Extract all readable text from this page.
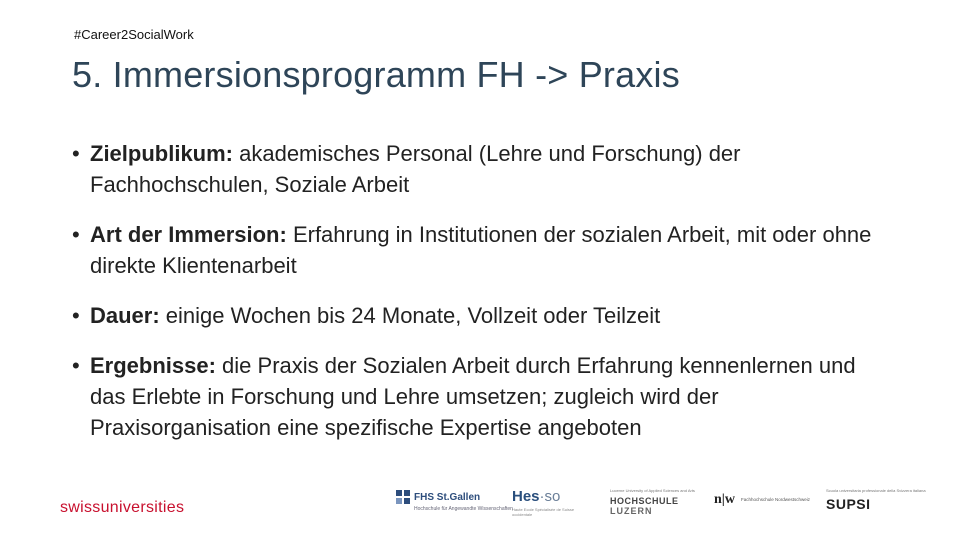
#Career2SocialWork
5. Immersionsprogramm FH -> Praxis
• Zielpublikum: akademisches Personal (Lehre und Forschung) der Fachhochschulen, Soziale Arbeit
• Art der Immersion: Erfahrung in Institutionen der sozialen Arbeit, mit oder ohne direkte Klientenarbeit
• Dauer: einige Wochen bis 24 Monate, Vollzeit oder Teilzeit
• Ergebnisse: die Praxis der Sozialen Arbeit durch Erfahrung kennenlernen und das Erlebte in Forschung und Lehre umsetzen; zugleich wird der Praxisorganisation eine spezifische Expertise angeboten
swissuniversities
FHS St.Gallen
Hochschule für Angewandte Wissenschaften
Hes·so
Haute Ecole Spécialisée de Suisse occidentale
Lucerne University of Applied Sciences and Arts
HOCHSCHULE
LUZERN
n|w Fachhochschule Nordwestschweiz
Scuola universitaria professionale della Svizzera italiana
SUPSI
